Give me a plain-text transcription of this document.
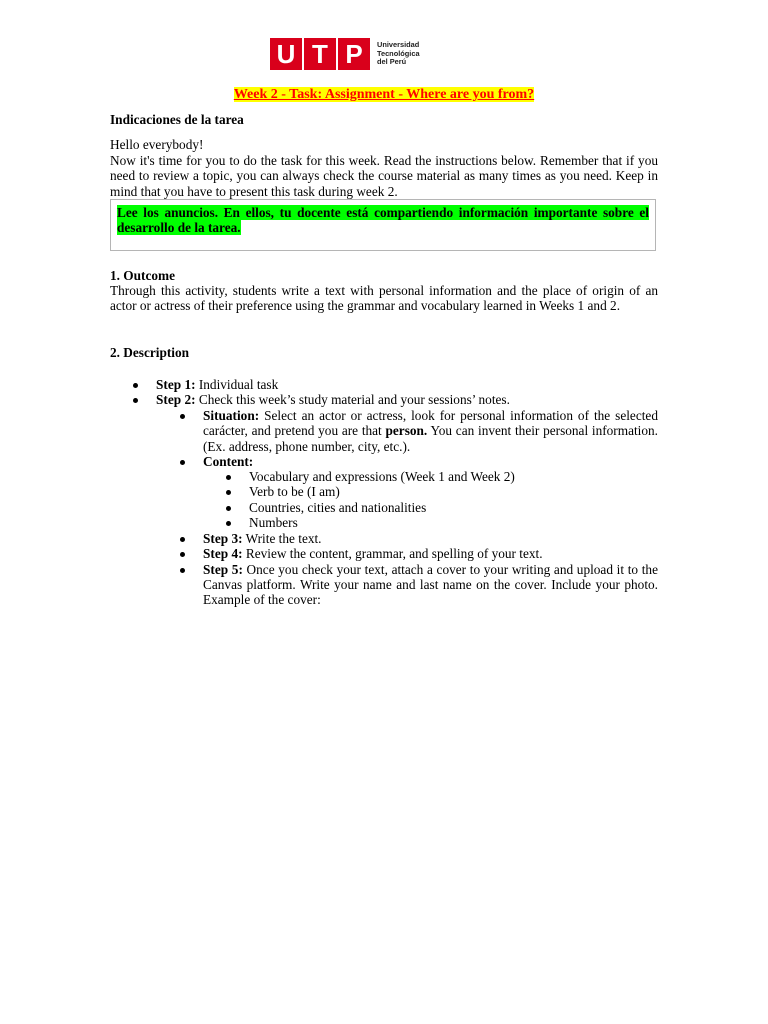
U T P	Universidad
Tecnológica
del Perú
Week 2 - Task: Assignment - Where are you from?
Indicaciones de la tarea
Hello everybody!
Now it's time for you to do the task for this week. Read the instructions below. Remember that if you need to review a topic, you can always check the course material as many times as you need. Keep in mind that you have to present this task during week 2.
Lee los anuncios. En ellos, tu docente está compartiendo información importante sobre el desarrollo de la tarea.
1. Outcome
Through this activity, students write a text with personal information and the place of origin of an actor or actress of their preference using the grammar and vocabulary learned in Weeks 1 and 2.
2. Description
Step 1: Individual task
Step 2: Check this week’s study material and your sessions’ notes.
Situation: Select an actor or actress, look for personal information of the selected carácter, and pretend you are that person. You can invent their personal information. (Ex. address, phone number, city, etc.).
Content:
Vocabulary and expressions (Week 1 and Week 2)
Verb to be (I am)
Countries, cities and nationalities
Numbers
Step 3: Write the text.
Step 4: Review the content, grammar, and spelling of your text.
Step 5: Once you check your text, attach a cover to your writing and upload it to the Canvas platform. Write your name and last name on the cover. Include your photo. Example of the cover:
